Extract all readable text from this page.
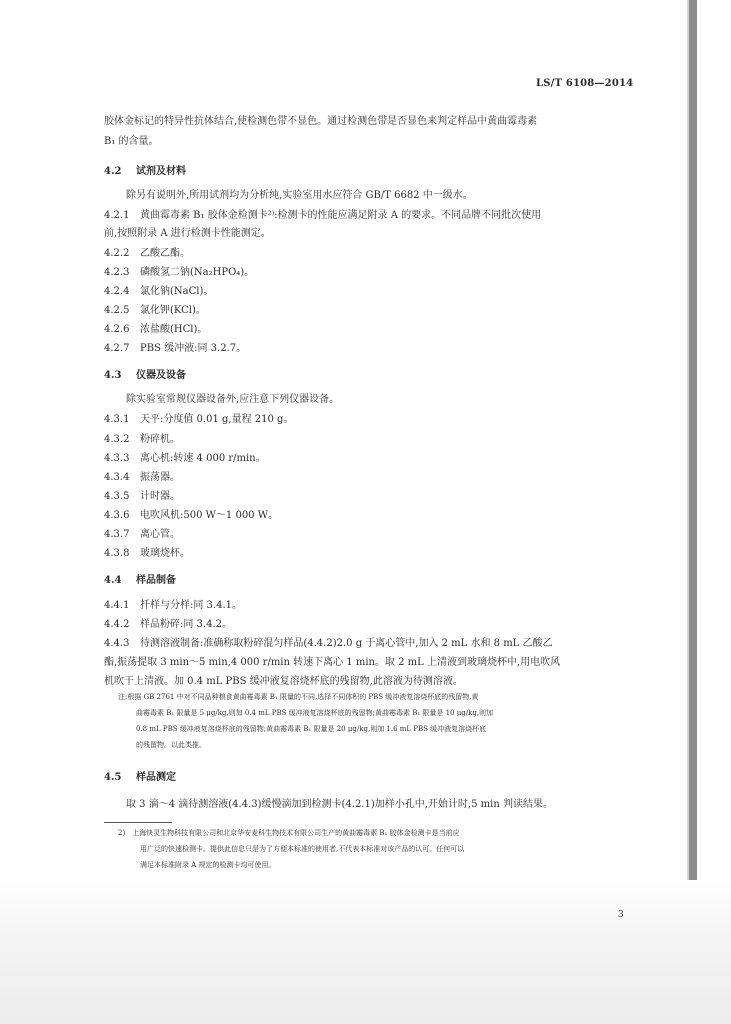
LS/T 6108—2014
胶体金标记的特异性抗体结合,使检测色带不显色。通过检测色带是否显色来判定样品中黄曲霉毒素
B₁ 的含量。
4.2 试剂及材料
除另有说明外,所用试剂均为分析纯,实验室用水应符合 GB/T 6682 中一级水。
4.2.1 黄曲霉毒素 B₁ 胶体金检测卡²⁾:检测卡的性能应满足附录 A 的要求。不同品牌不同批次使用
前,按照附录 A 进行检测卡性能测定。
4.2.2 乙酸乙酯。
4.2.3 磷酸氢二钠(Na₂HPO₄)。
4.2.4 氯化钠(NaCl)。
4.2.5 氯化钾(KCl)。
4.2.6 浓盐酸(HCl)。
4.2.7 PBS 缓冲液:同 3.2.7。
4.3 仪器及设备
除实验室常规仪器设备外,应注意下列仪器设备。
4.3.1 天平:分度值 0.01 g,量程 210 g。
4.3.2 粉碎机。
4.3.3 离心机:转速 4 000 r/min。
4.3.4 振荡器。
4.3.5 计时器。
4.3.6 电吹风机:500 W～1 000 W。
4.3.7 离心管。
4.3.8 玻璃烧杯。
4.4 样品制备
4.4.1 扦样与分样:同 3.4.1。
4.4.2 样品粉碎:同 3.4.2。
4.4.3 待测溶液制备:准确称取粉碎混匀样品(4.4.2)2.0 g 于离心管中,加入 2 mL 水和 8 mL 乙酸乙
酯,振荡提取 3 min～5 min,4 000 r/min 转速下离心 1 min。取 2 mL 上清液到玻璃烧杯中,用电吹风
机吹干上清液。加 0.4 mL PBS 缓冲液复溶烧杯底的残留物,此溶液为待测溶液。
注:根据 GB 2761 中对不同品种粮食黄曲霉毒素 B₁ 限量的不同,选择不同体积的 PBS 缓冲液复溶烧杯底的残留物,黄
曲霉毒素 B₁ 限量是 5 μg/kg,则加 0.4 mL PBS 缓冲液复溶烧杯底的残留物;黄曲霉毒素 B₁ 限量是 10 μg/kg,则加
0.8 mL PBS 缓冲液复溶烧杯底的残留物;黄曲霉毒素 B₁ 限量是 20 μg/kg,则加 1.6 mL PBS 缓冲液复溶烧杯底
的残留物。以此类推。
4.5 样品测定
取 3 滴～4 滴待测溶液(4.4.3)缓慢滴加到检测卡(4.2.1)加样小孔中,开始计时,5 min 判读结果。
2)　上海快灵生物科技有限公司和北京华安麦科生物技术有限公司生产的黄曲霉毒素 B₁ 胶体金检测卡是当前应
用广泛的快速检测卡。提供此信息只是为了方便本标准的使用者,不代表本标准对该产品的认可。任何可以
满足本标准附录 A 规定的检测卡均可使用。
3
